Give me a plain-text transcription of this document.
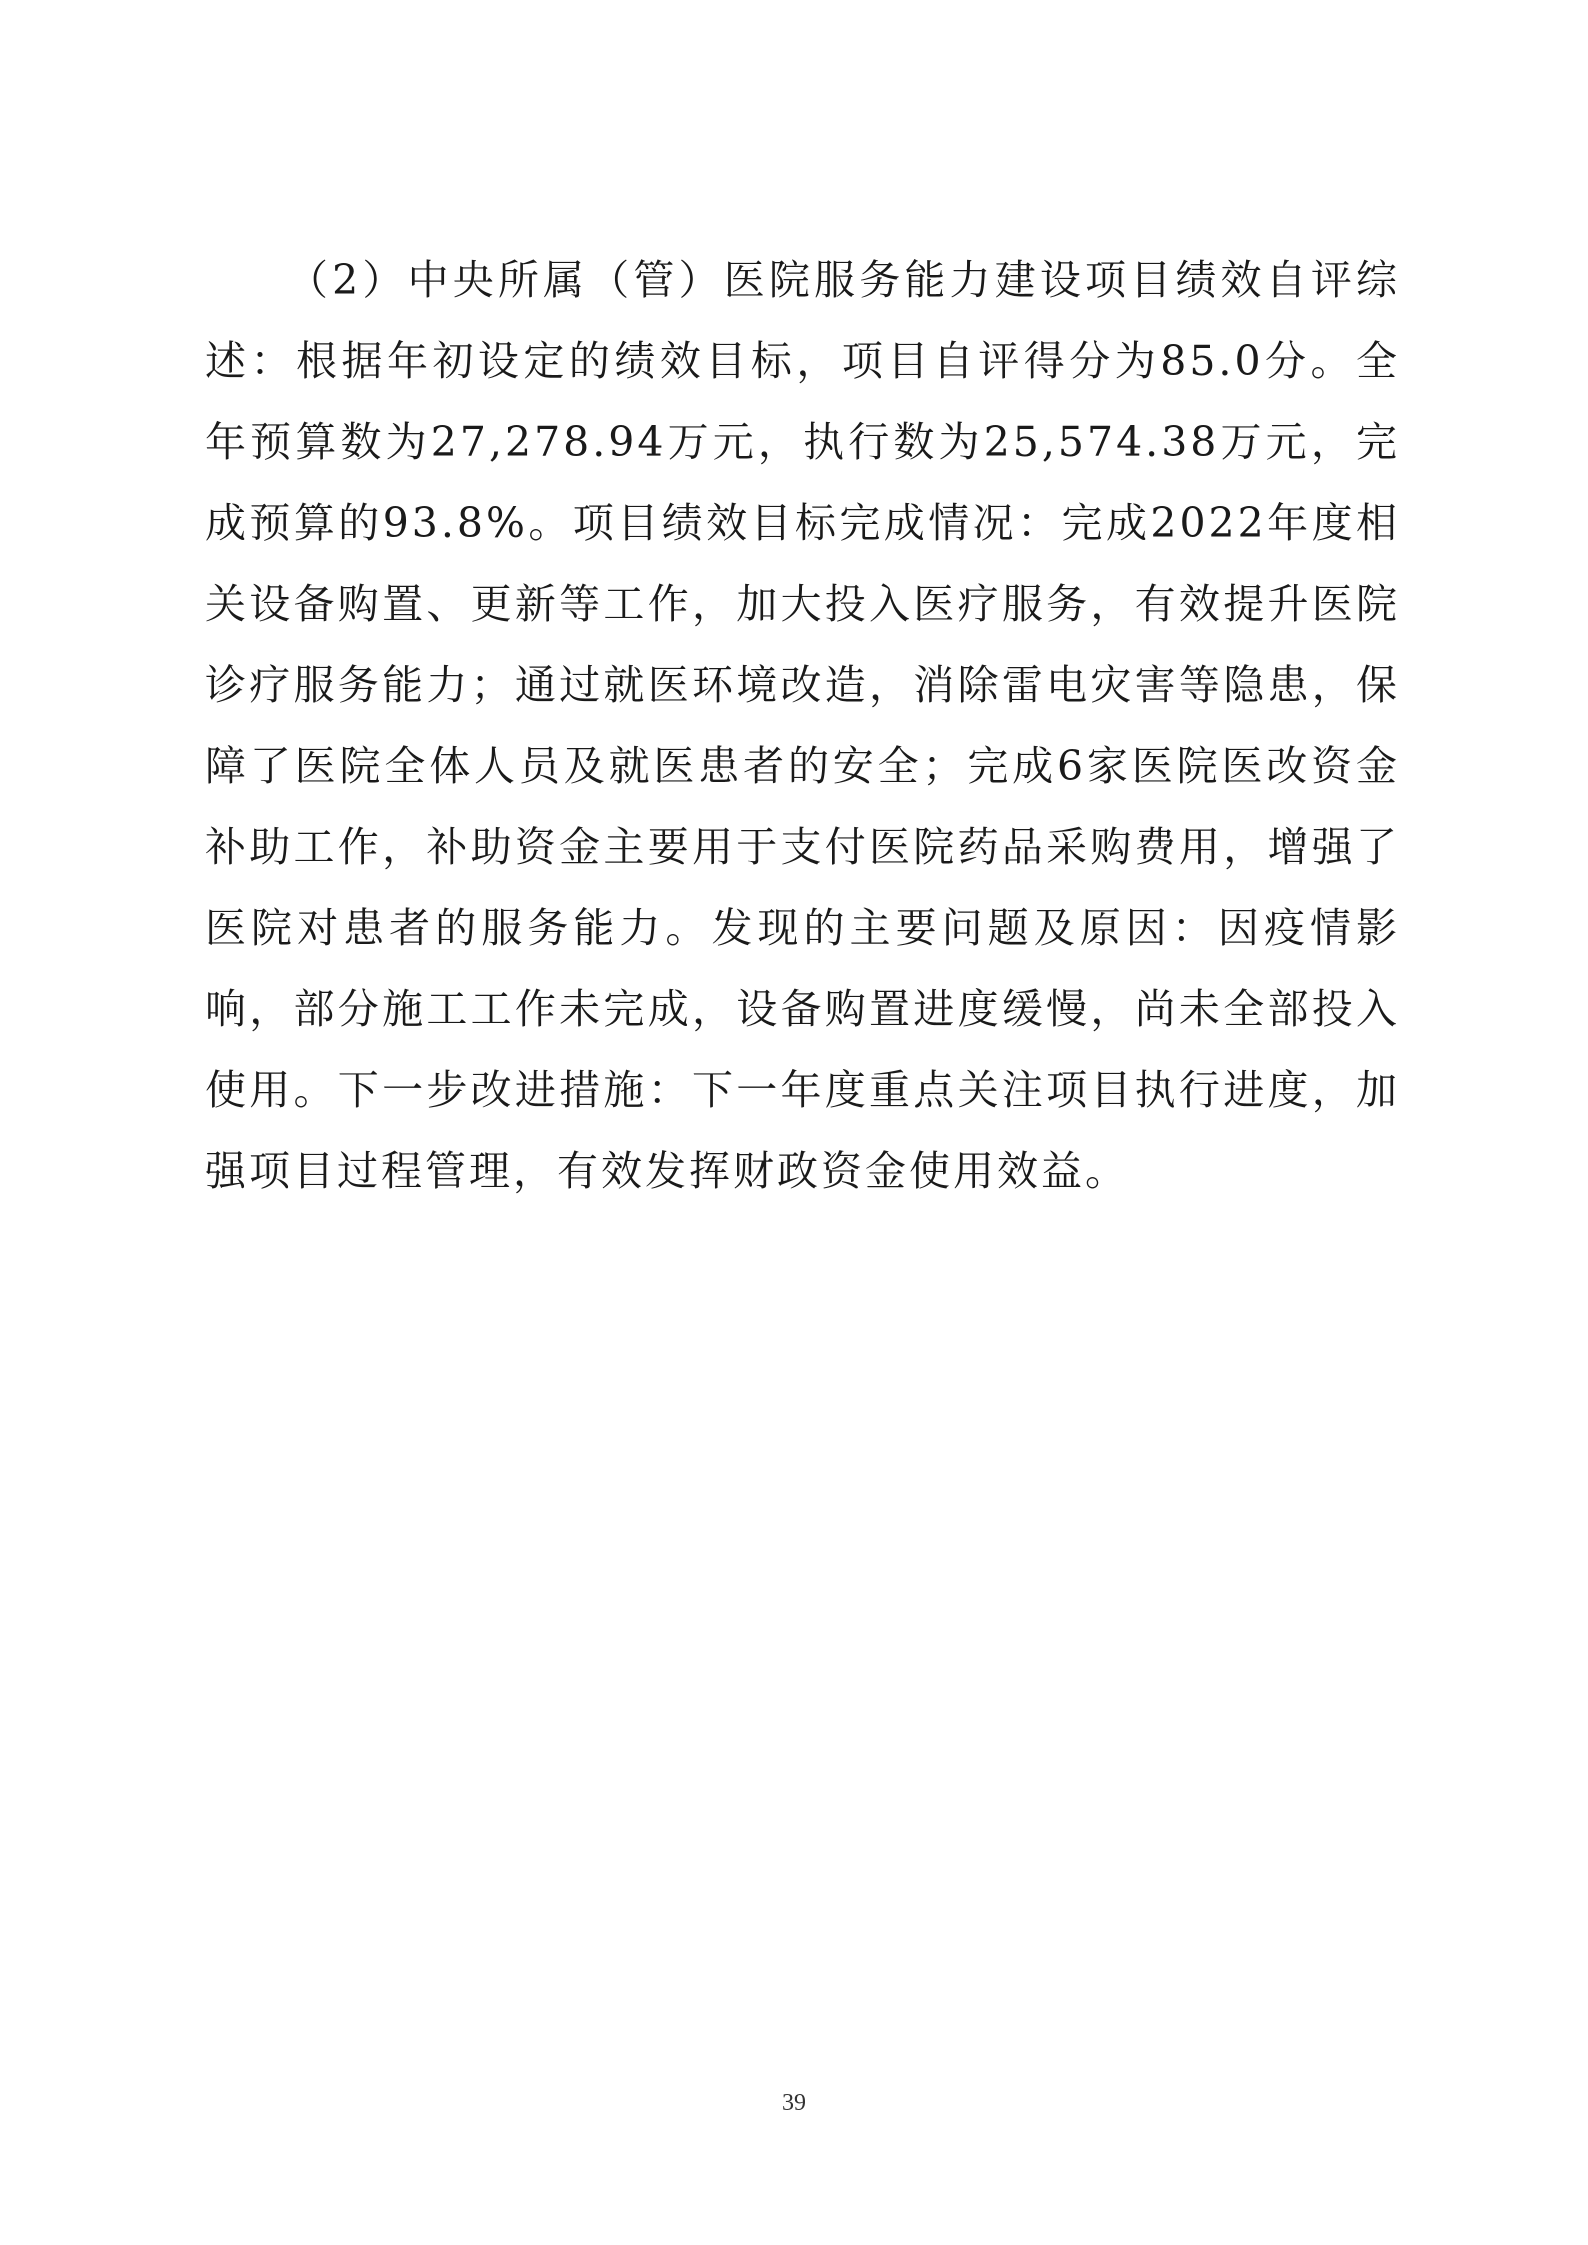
（2）中央所属（管）医院服务能力建设项目绩效自评综述：根据年初设定的绩效目标，项目自评得分为85.0分。全年预算数为27,278.94万元，执行数为25,574.38万元，完成预算的93.8%。项目绩效目标完成情况：完成2022年度相关设备购置、更新等工作，加大投入医疗服务，有效提升医院诊疗服务能力；通过就医环境改造，消除雷电灾害等隐患，保障了医院全体人员及就医患者的安全；完成6家医院医改资金补助工作，补助资金主要用于支付医院药品采购费用，增强了医院对患者的服务能力。发现的主要问题及原因：因疫情影响，部分施工工作未完成，设备购置进度缓慢，尚未全部投入使用。下一步改进措施：下一年度重点关注项目执行进度，加强项目过程管理，有效发挥财政资金使用效益。

39
